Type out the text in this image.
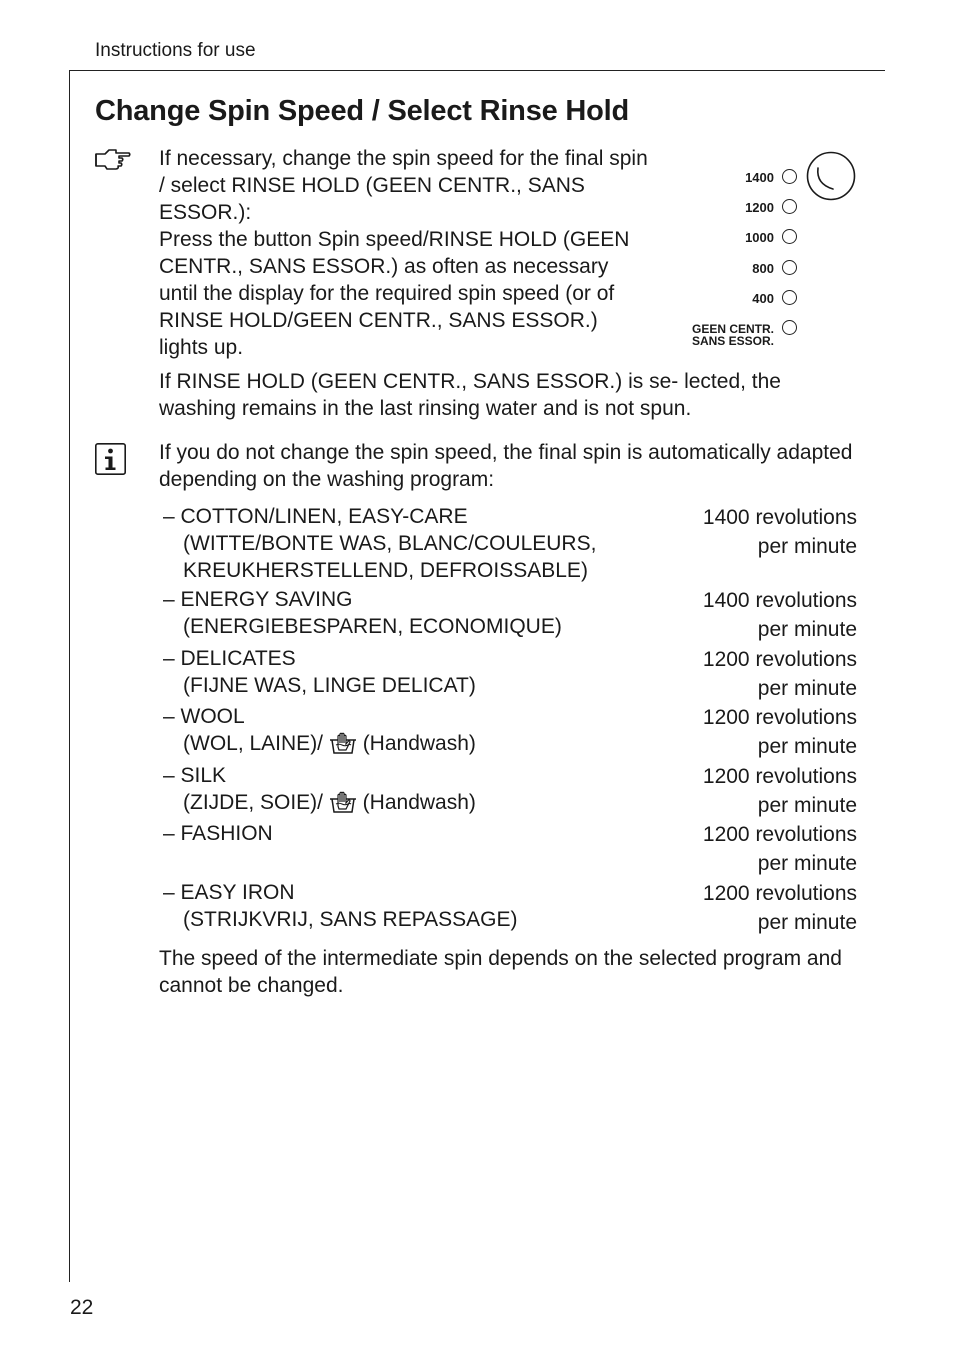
Instructions for use
Change Spin Speed / Select Rinse Hold

If necessary, change the spin speed for the final spin / select RINSE HOLD (GEEN CENTR., SANS ESSOR.):
Press the button Spin speed/RINSE HOLD (GEEN CENTR., SANS ESSOR.) as often as necessary until the display for the required spin speed (or of RINSE HOLD/GEEN CENTR., SANS ESSOR.) lights up.

If RINSE HOLD (GEEN CENTR., SANS ESSOR.) is se- lected, the washing remains in the last rinsing water and is not spun.

1400
1200
1000
800
400
GEEN CENTR.
SANS ESSOR.

If you do not change the spin speed, the final spin is automatically adapted depending on the washing program:

– COTTON/LINEN, EASY-CARE
(WITTE/BONTE WAS, BLANC/COULEURS,
KREUKHERSTELLEND, DEFROISSABLE)
1400 revolutions
per minute
– ENERGY SAVING
(ENERGIEBESPAREN, ECONOMIQUE)
1400 revolutions
per minute
– DELICATES
(FIJNE WAS, LINGE DELICAT)
1200 revolutions
per minute
– WOOL
(WOL, LAINE)/  (Handwash)
1200 revolutions
per minute
– SILK
(ZIJDE, SOIE)/  (Handwash)
1200 revolutions
per minute
– FASHION	1200 revolutions
per minute
– EASY IRON
(STRIJKVRIJ, SANS REPASSAGE)
1200 revolutions
per minute

The speed of the intermediate spin depends on the selected program and cannot be changed.

22
